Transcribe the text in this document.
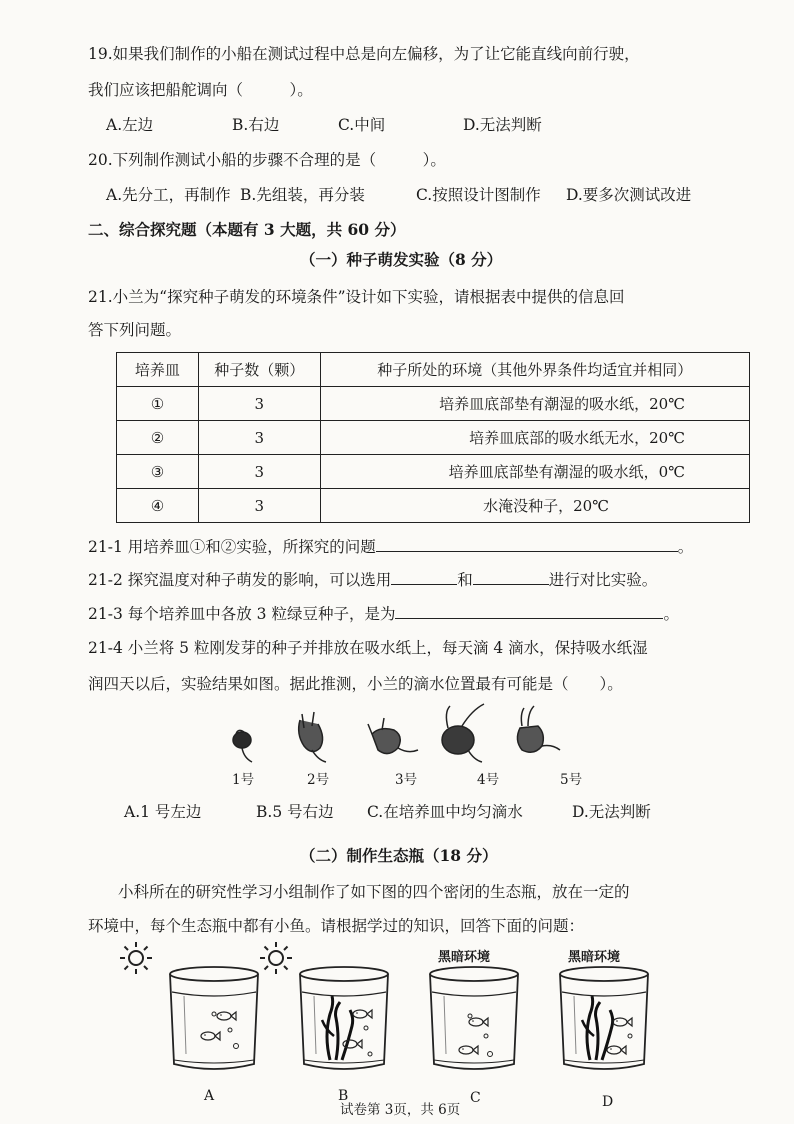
19.如果我们制作的小船在测试过程中总是向左偏移，为了让它能直线向前行驶，
我们应该把船舵调向（　　　）。
A.左边	B.右边	C.中间	D.无法判断
20.下列制作测试小船的步骤不合理的是（　　　）。
A.先分工，再制作 B.先组装，再分装	C.按照设计图制作 D.要多次测试改进
二、综合探究题（本题有 3 大题，共 60 分）
（一）种子萌发实验（8 分）
21.小兰为“探究种子萌发的环境条件”设计如下实验，请根据表中提供的信息回
答下列问题。
培养皿	种子数（颗）	种子所处的环境（其他外界条件均适宜并相同）
①	3	培养皿底部垫有潮湿的吸水纸，20℃
②	3	培养皿底部的吸水纸无水，20℃
③	3	培养皿底部垫有潮湿的吸水纸，0℃
④	3	水淹没种子，20℃
21-1 用培养皿①和②实验，所探究的问题	。
21-2 探究温度对种子萌发的影响，可以选用	和	进行对比实验。
21-3 每个培养皿中各放 3 粒绿豆种子，是为	。
21-4 小兰将 5 粒刚发芽的种子并排放在吸水纸上，每天滴 4 滴水，保持吸水纸湿
润四天以后，实验结果如图。据此推测，小兰的滴水位置最有可能是（　　）。
1号	2号	3号	4号	5号
A.1 号左边	B.5 号右边 C.在培养皿中均匀滴水	D.无法判断
（二）制作生态瓶（18 分）
小科所在的研究性学习小组制作了如下图的四个密闭的生态瓶，放在一定的
环境中，每个生态瓶中都有小鱼。请根据学过的知识，回答下面的问题：
黑暗环境	黑暗环境
A	B	C	D
试卷第 3页，共 6页
